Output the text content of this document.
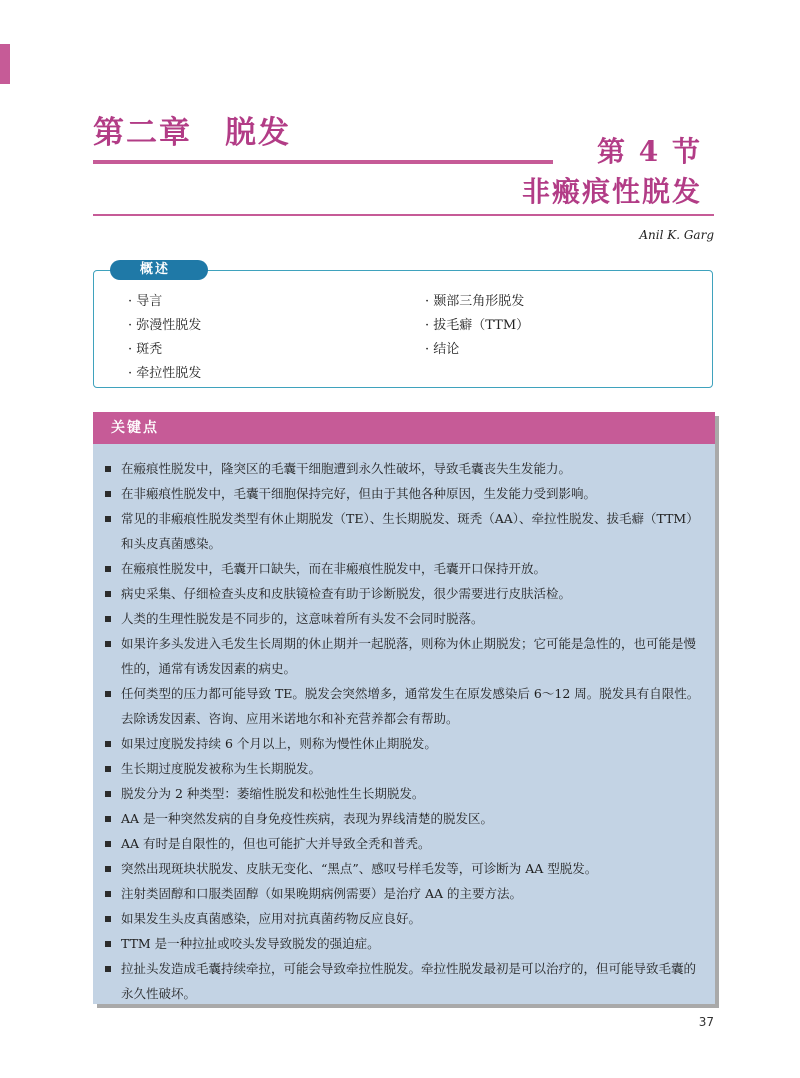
第二章　脱发
第 4 节
非瘢痕性脱发
Anil K. Garg
概述
· 导言
· 弥漫性脱发
· 斑秃
· 牵拉性脱发
· 颞部三角形脱发
· 拔毛癖（TTM）
· 结论
关键点
在瘢痕性脱发中，隆突区的毛囊干细胞遭到永久性破坏，导致毛囊丧失生发能力。
在非瘢痕性脱发中，毛囊干细胞保持完好，但由于其他各种原因，生发能力受到影响。
常见的非瘢痕性脱发类型有休止期脱发（TE）、生长期脱发、斑秃（AA）、牵拉性脱发、拔毛癖（TTM）和头皮真菌感染。
在瘢痕性脱发中，毛囊开口缺失，而在非瘢痕性脱发中，毛囊开口保持开放。
病史采集、仔细检查头皮和皮肤镜检查有助于诊断脱发，很少需要进行皮肤活检。
人类的生理性脱发是不同步的，这意味着所有头发不会同时脱落。
如果许多头发进入毛发生长周期的休止期并一起脱落，则称为休止期脱发；它可能是急性的，也可能是慢性的，通常有诱发因素的病史。
任何类型的压力都可能导致 TE。脱发会突然增多，通常发生在原发感染后 6～12 周。脱发具有自限性。去除诱发因素、咨询、应用米诺地尔和补充营养都会有帮助。
如果过度脱发持续 6 个月以上，则称为慢性休止期脱发。
生长期过度脱发被称为生长期脱发。
脱发分为 2 种类型：萎缩性脱发和松弛性生长期脱发。
AA 是一种突然发病的自身免疫性疾病，表现为界线清楚的脱发区。
AA 有时是自限性的，但也可能扩大并导致全秃和普秃。
突然出现斑块状脱发、皮肤无变化、“黑点”、感叹号样毛发等，可诊断为 AA 型脱发。
注射类固醇和口服类固醇（如果晚期病例需要）是治疗 AA 的主要方法。
如果发生头皮真菌感染，应用对抗真菌药物反应良好。
TTM 是一种拉扯或咬头发导致脱发的强迫症。
拉扯头发造成毛囊持续牵拉，可能会导致牵拉性脱发。牵拉性脱发最初是可以治疗的，但可能导致毛囊的永久性破坏。
37
